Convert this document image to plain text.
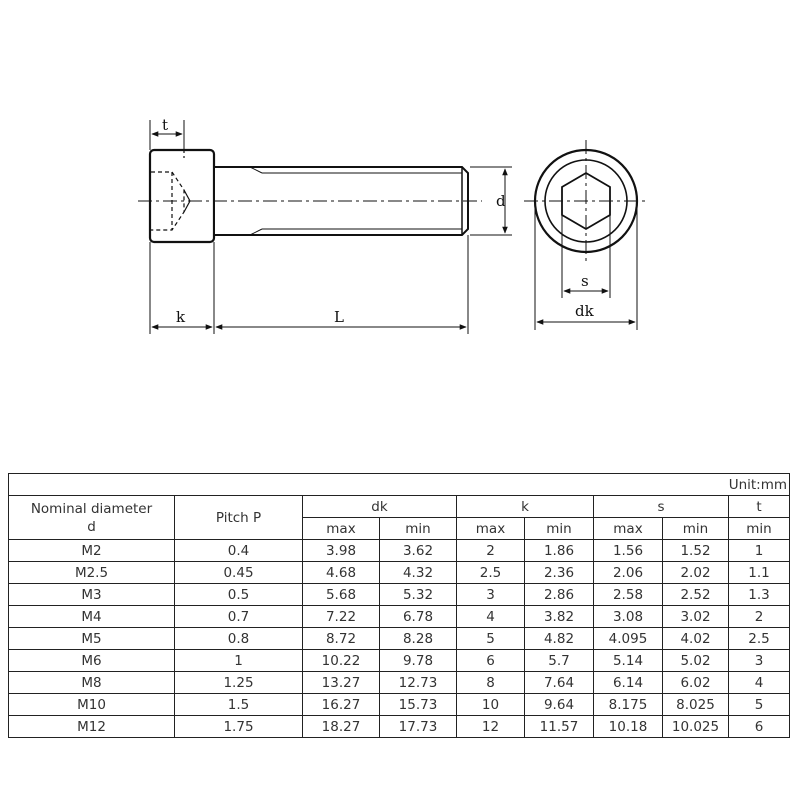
t
k	L
d
s
dk
Unit:mm								

Nominal diameter
d	Pitch P	dk		k		s		t
		max	min	max	min	max	min	min
M2	0.4	3.98	3.62	2	1.86	1.56	1.52	1
M2.5	0.45	4.68	4.32	2.5	2.36	2.06	2.02	1.1
M3	0.5	5.68	5.32	3	2.86	2.58	2.52	1.3
M4	0.7	7.22	6.78	4	3.82	3.08	3.02	2
M5	0.8	8.72	8.28	5	4.82	4.095	4.02	2.5
M6	1	10.22	9.78	6	5.7	5.14	5.02	3
M8	1.25	13.27	12.73	8	7.64	6.14	6.02	4
M10	1.5	16.27	15.73	10	9.64	8.175	8.025	5
M12	1.75	18.27	17.73	12	11.57	10.18	10.025	6
